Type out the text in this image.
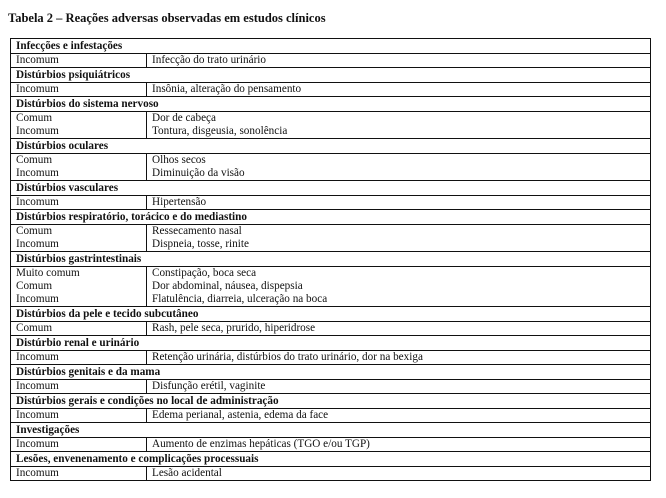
Tabela 2 – Reações adversas observadas em estudos clínicos
Infecções e infestações	
Incomum	Infecção do trato urinário
Distúrbios psiquiátricos	
Incomum	Insônia, alteração do pensamento
Distúrbios do sistema nervoso	
Comum	Dor de cabeça
Incomum	Tontura, disgeusia, sonolência
Distúrbios oculares	
Comum	Olhos secos
Incomum	Diminuição da visão
Distúrbios vasculares	
Incomum	Hipertensão
Distúrbios respiratório, torácico e do mediastino	
Comum	Ressecamento nasal
Incomum	Dispneia, tosse, rinite
Distúrbios gastrintestinais	
Muito comum	Constipação, boca seca
Comum	Dor abdominal, náusea, dispepsia
Incomum	Flatulência, diarreia, ulceração na boca
Distúrbios da pele e tecido subcutâneo	
Comum	Rash, pele seca, prurido, hiperidrose
Distúrbio renal e urinário	
Incomum	Retenção urinária, distúrbios do trato urinário, dor na bexiga
Distúrbios genitais e da mama	
Incomum	Disfunção erétil, vaginite
Distúrbios gerais e condições no local de administração	
Incomum	Edema perianal, astenia, edema da face
Investigações	
Incomum	Aumento de enzimas hepáticas (TGO e/ou TGP)
Lesões, envenenamento e complicações processuais	
Incomum	Lesão acidental
